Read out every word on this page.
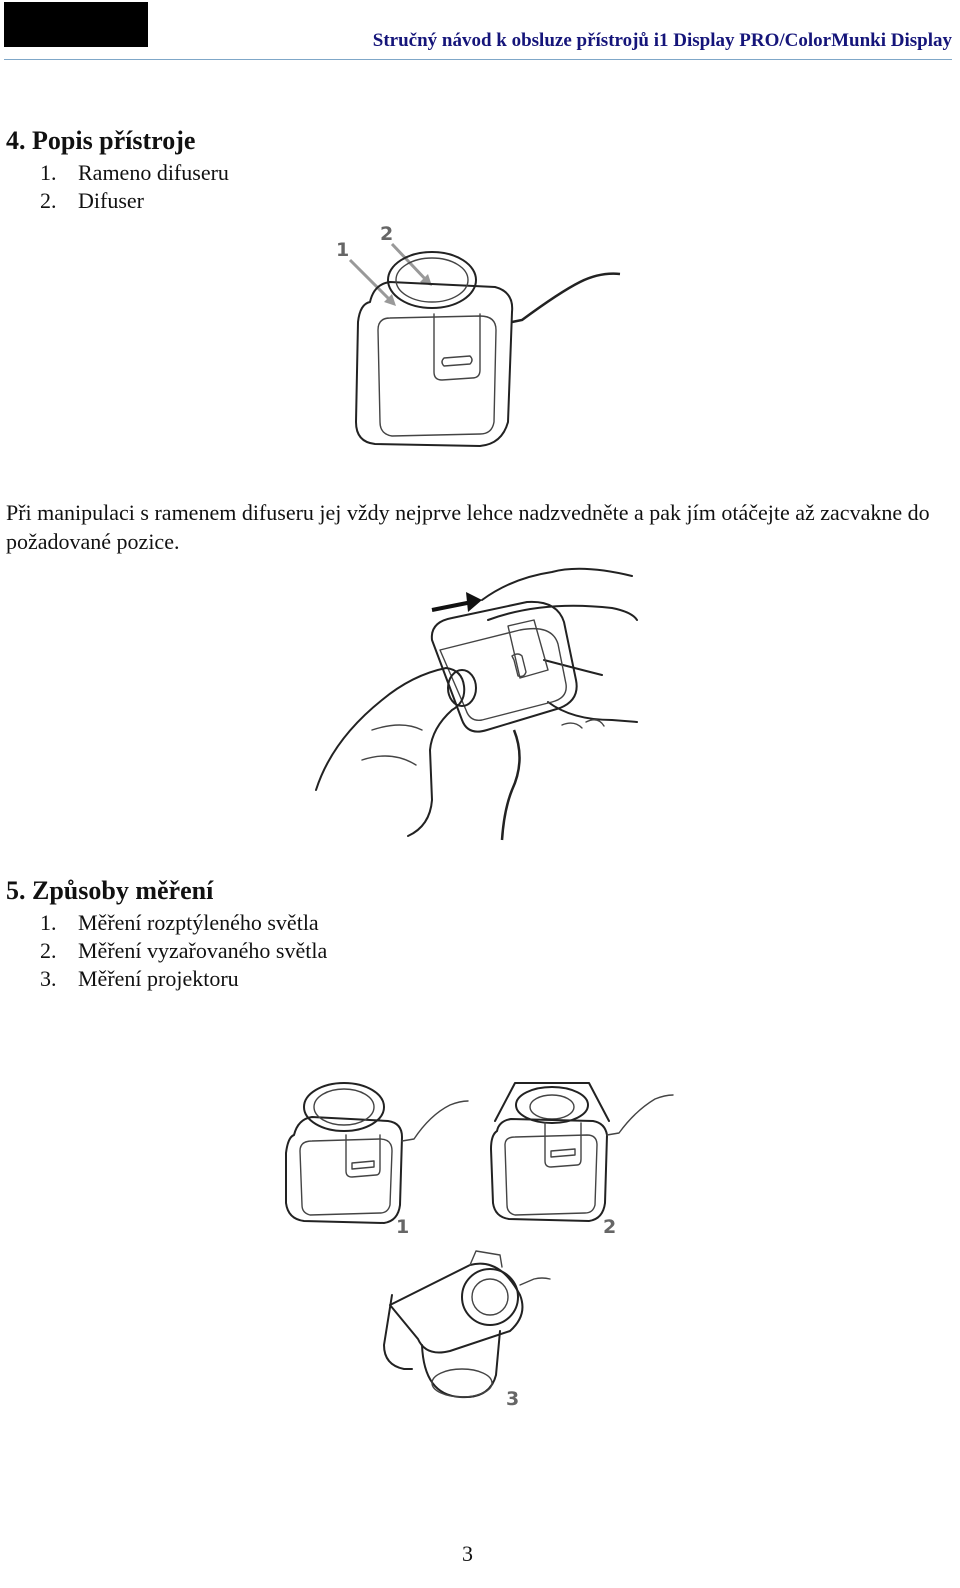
Stručný návod k obsluze přístrojů i1 Display PRO/ColorMunki Display
4. Popis přístroje
1. Rameno difuseru
2. Difuser
1
2
Při manipulaci s ramenem difuseru jej vždy nejprve lehce nadzvedněte a pak jím otáčejte až zacvakne do požadované pozice.
5. Způsoby měření
1. Měření rozptýleného světla
2. Měření vyzařovaného světla
3. Měření projektoru
1	2
3
3
